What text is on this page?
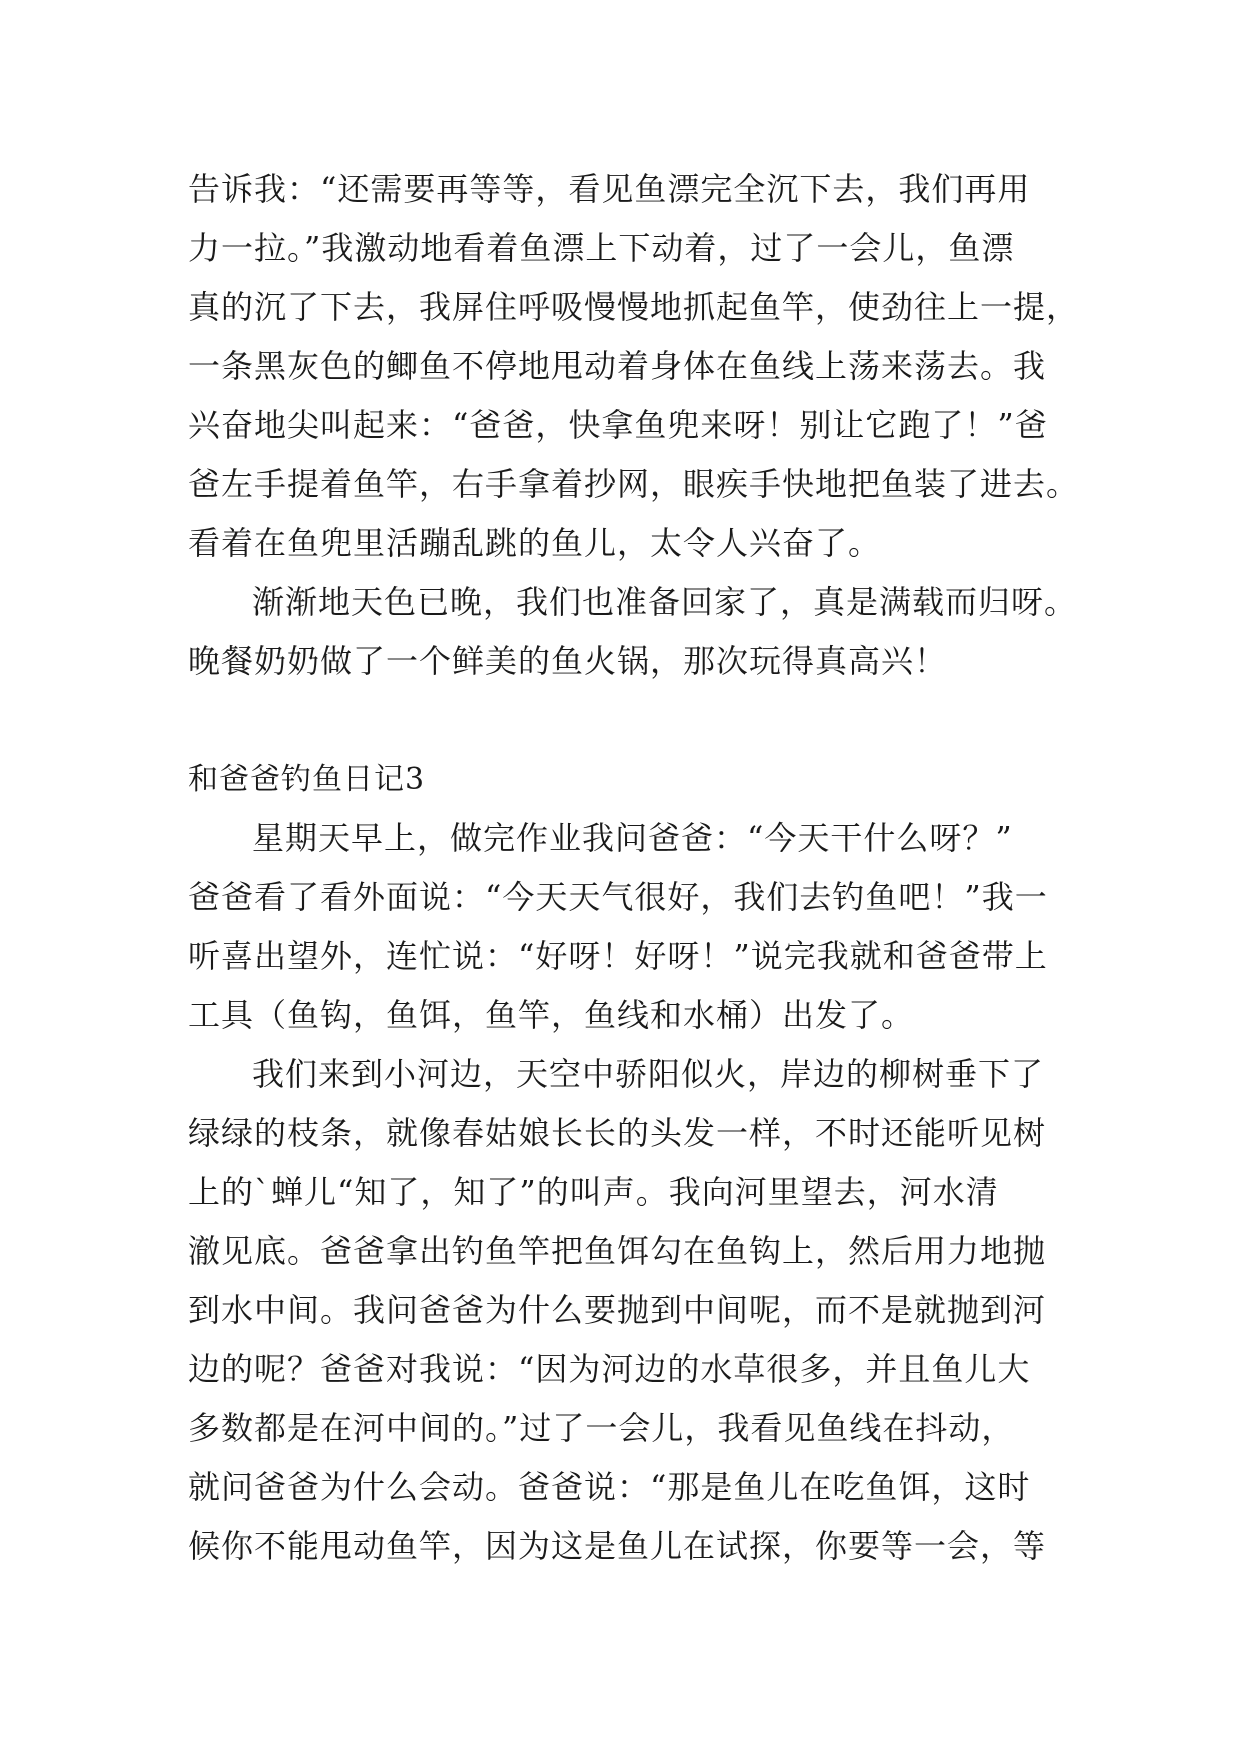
告诉我：“还需要再等等，看见鱼漂完全沉下去，我们再用
力一拉。”我激动地看着鱼漂上下动着，过了一会儿，鱼漂
真的沉了下去，我屏住呼吸慢慢地抓起鱼竿，使劲往上一提，
一条黑灰色的鲫鱼不停地甩动着身体在鱼线上荡来荡去。我
兴奋地尖叫起来：“爸爸，快拿鱼兜来呀！别让它跑了！”爸
爸左手提着鱼竿，右手拿着抄网，眼疾手快地把鱼装了进去。
看着在鱼兜里活蹦乱跳的鱼儿，太令人兴奋了。
渐渐地天色已晚，我们也准备回家了，真是满载而归呀。
晚餐奶奶做了一个鲜美的鱼火锅，那次玩得真高兴！
和爸爸钓鱼日记3
星期天早上，做完作业我问爸爸：“今天干什么呀？”
爸爸看了看外面说：“今天天气很好，我们去钓鱼吧！”我一
听喜出望外，连忙说：“好呀！好呀！”说完我就和爸爸带上
工具（鱼钩，鱼饵，鱼竿，鱼线和水桶）出发了。
我们来到小河边，天空中骄阳似火，岸边的柳树垂下了
绿绿的枝条，就像春姑娘长长的头发一样，不时还能听见树
上的`蝉儿“知了，知了”的叫声。我向河里望去，河水清
澈见底。爸爸拿出钓鱼竿把鱼饵勾在鱼钩上，然后用力地抛
到水中间。我问爸爸为什么要抛到中间呢，而不是就抛到河
边的呢？爸爸对我说：“因为河边的水草很多，并且鱼儿大
多数都是在河中间的。”过了一会儿，我看见鱼线在抖动，
就问爸爸为什么会动。爸爸说：“那是鱼儿在吃鱼饵，这时
候你不能甩动鱼竿，因为这是鱼儿在试探，你要等一会，等
